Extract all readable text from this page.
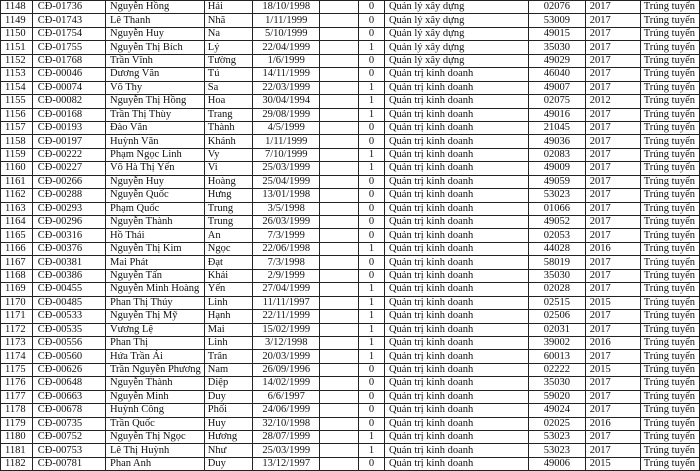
1148	CĐ-01736	Nguyễn Hồng	Hải	18/10/1998		0	Quản lý xây dựng	02076	2017	Trúng tuyển
1149	CĐ-01743	Lê Thanh	Nhã	1/11/1999		0	Quản lý xây dựng	53009	2017	Trúng tuyển
1150	CĐ-01754	Nguyễn Huy	Na	5/10/1999		0	Quản lý xây dựng	49015	2017	Trúng tuyển
1151	CĐ-01755	Nguyễn Thị Bích	Lý	22/04/1999		1	Quản lý xây dựng	35030	2017	Trúng tuyển
1152	CĐ-01768	Trần Vĩnh	Tường	1/6/1999		0	Quản lý xây dựng	49029	2017	Trúng tuyển
1153	CĐ-00046	Dương Văn	Tú	14/11/1999		0	Quản trị kinh doanh	46040	2017	Trúng tuyển
1154	CĐ-00074	Võ Thy	Sa	22/03/1999		1	Quản trị kinh doanh	49007	2017	Trúng tuyển
1155	CĐ-00082	Nguyễn Thị Hồng	Hoa	30/04/1994		1	Quản trị kinh doanh	02075	2012	Trúng tuyển
1156	CĐ-00168	Trần Thị Thùy	Trang	29/08/1999		1	Quản trị kinh doanh	49016	2017	Trúng tuyển
1157	CĐ-00193	Đào Văn	Thành	4/5/1999		0	Quản trị kinh doanh	21045	2017	Trúng tuyển
1158	CĐ-00197	Huỳnh Văn	Khánh	1/11/1999		0	Quản trị kinh doanh	49036	2017	Trúng tuyển
1159	CĐ-00222	Phạm Ngọc Linh	Vy	7/10/1999		1	Quản trị kinh doanh	02083	2017	Trúng tuyển
1160	CĐ-00227	Võ Hà Thị Yến	Vi	25/03/1999		1	Quản trị kinh doanh	49009	2017	Trúng tuyển
1161	CĐ-00266	Nguyễn Huy	Hoàng	25/04/1999		0	Quản trị kinh doanh	49059	2017	Trúng tuyển
1162	CĐ-00288	Nguyễn Quốc	Hưng	13/01/1998		0	Quản trị kinh doanh	53023	2017	Trúng tuyển
1163	CĐ-00293	Phạm Quốc	Trung	3/5/1998		0	Quản trị kinh doanh	01066	2017	Trúng tuyển
1164	CĐ-00296	Nguyễn Thành	Trung	26/03/1999		0	Quản trị kinh doanh	49052	2017	Trúng tuyển
1165	CĐ-00316	Hồ Thái	An	7/3/1999		0	Quản trị kinh doanh	02053	2017	Trúng tuyển
1166	CĐ-00376	Nguyễn Thị Kim	Ngọc	22/06/1998		1	Quản trị kinh doanh	44028	2016	Trúng tuyển
1167	CĐ-00381	Mai Phát	Đạt	7/3/1998		0	Quản trị kinh doanh	58019	2017	Trúng tuyển
1168	CĐ-00386	Nguyễn Tấn	Khải	2/9/1999		0	Quản trị kinh doanh	35030	2017	Trúng tuyển
1169	CĐ-00455	Nguyễn Minh Hoàng	Yến	27/04/1999		1	Quản trị kinh doanh	02028	2017	Trúng tuyển
1170	CĐ-00485	Phan Thị Thúy	Linh	11/11/1997		1	Quản trị kinh doanh	02515	2015	Trúng tuyển
1171	CĐ-00533	Nguyễn Thị Mỹ	Hạnh	22/11/1999		1	Quản trị kinh doanh	02506	2017	Trúng tuyển
1172	CĐ-00535	Vương Lệ	Mai	15/02/1999		1	Quản trị kinh doanh	02031	2017	Trúng tuyển
1173	CĐ-00556	Phan Thị	Linh	3/12/1998		1	Quản trị kinh doanh	39002	2016	Trúng tuyển
1174	CĐ-00560	Hứa Trần Ái	Trân	20/03/1999		1	Quản trị kinh doanh	60013	2017	Trúng tuyển
1175	CĐ-00626	Trần Nguyễn Phương	Nam	26/09/1996		0	Quản trị kinh doanh	02222	2015	Trúng tuyển
1176	CĐ-00648	Nguyễn Thành	Diệp	14/02/1999		0	Quản trị kinh doanh	35030	2017	Trúng tuyển
1177	CĐ-00663	Nguyễn Minh	Duy	6/6/1997		0	Quản trị kinh doanh	59020	2017	Trúng tuyển
1178	CĐ-00678	Huỳnh Công	Phối	24/06/1999		0	Quản trị kinh doanh	49024	2017	Trúng tuyển
1179	CĐ-00735	Trần Quốc	Huy	32/10/1998		0	Quản trị kinh doanh	02025	2016	Trúng tuyển
1180	CĐ-00752	Nguyễn Thị Ngọc	Hương	28/07/1999		1	Quản trị kinh doanh	53023	2017	Trúng tuyển
1181	CĐ-00753	Lê Thị Huỳnh	Như	25/03/1999		1	Quản trị kinh doanh	53023	2017	Trúng tuyển
1182	CĐ-00781	Phan Anh	Duy	13/12/1997		0	Quản trị kinh doanh	49006	2015	Trúng tuyển
